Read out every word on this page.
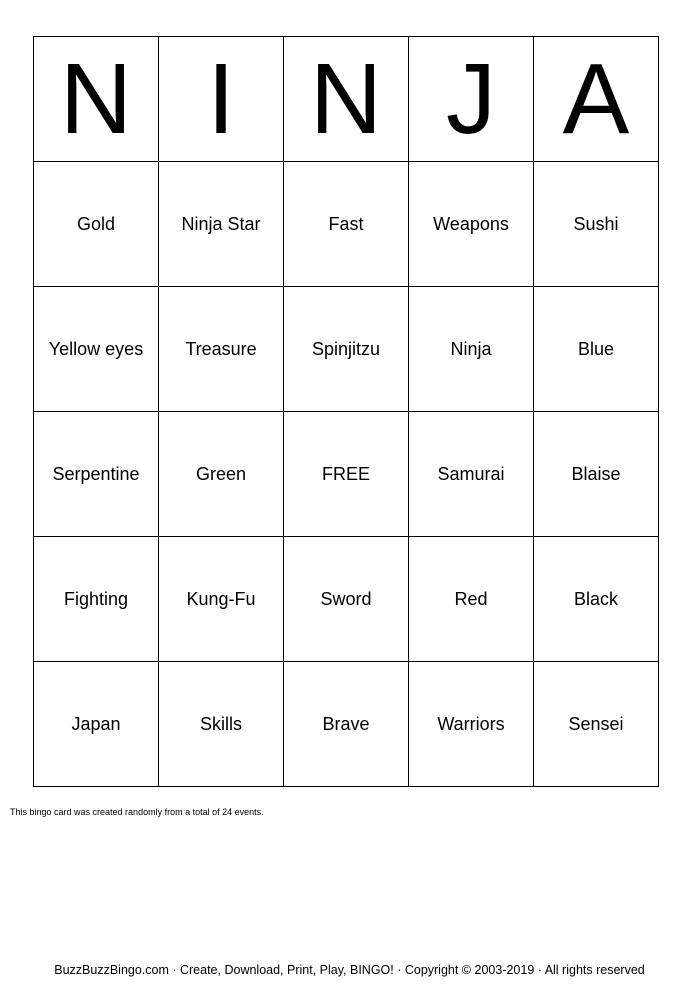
N	I	N	J	A
Gold	Ninja Star	Fast	Weapons	Sushi
Yellow eyes	Treasure	Spinjitzu	Ninja	Blue
Serpentine	Green	FREE	Samurai	Blaise
Fighting	Kung-Fu	Sword	Red	Black
Japan	Skills	Brave	Warriors	Sensei
This bingo card was created randomly from a total of 24 events.
BuzzBuzzBingo.com · Create, Download, Print, Play, BINGO! · Copyright © 2003-2019 · All rights reserved
